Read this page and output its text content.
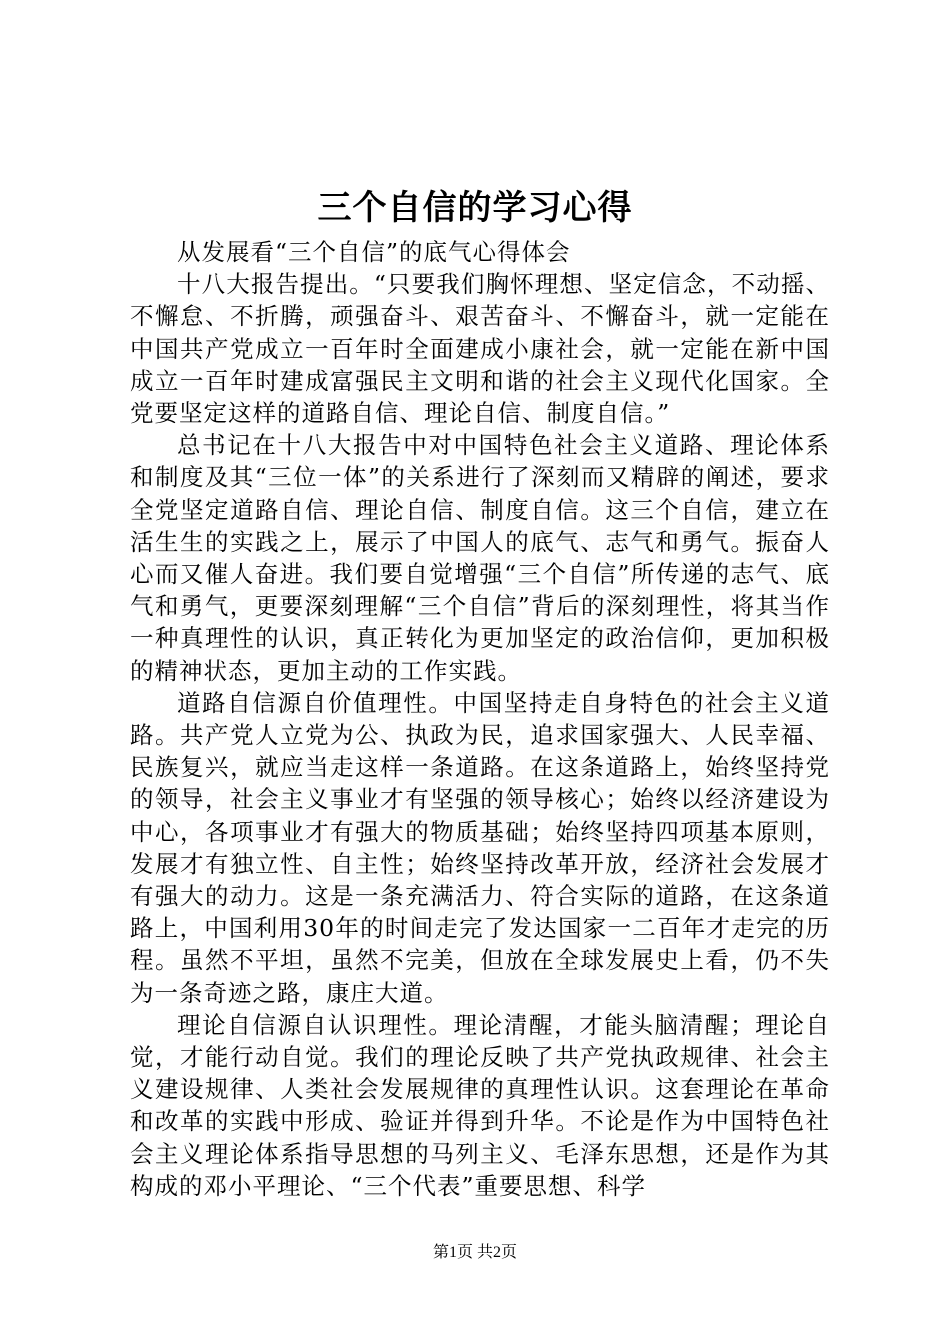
三个自信的学习心得

从发展看“三个自信”的底气心得体会

十八大报告提出。“只要我们胸怀理想、坚定信念，不动摇、不懈怠、不折腾，顽强奋斗、艰苦奋斗、不懈奋斗，就一定能在中国共产党成立一百年时全面建成小康社会，就一定能在新中国成立一百年时建成富强民主文明和谐的社会主义现代化国家。全党要坚定这样的道路自信、理论自信、制度自信。”

总书记在十八大报告中对中国特色社会主义道路、理论体系和制度及其“三位一体”的关系进行了深刻而又精辟的阐述，要求全党坚定道路自信、理论自信、制度自信。这三个自信，建立在活生生的实践之上，展示了中国人的底气、志气和勇气。振奋人心而又催人奋进。我们要自觉增强“三个自信”所传递的志气、底气和勇气，更要深刻理解“三个自信”背后的深刻理性，将其当作一种真理性的认识，真正转化为更加坚定的政治信仰，更加积极的精神状态，更加主动的工作实践。

道路自信源自价值理性。中国坚持走自身特色的社会主义道路。共产党人立党为公、执政为民，追求国家强大、人民幸福、民族复兴，就应当走这样一条道路。在这条道路上，始终坚持党的领导，社会主义事业才有坚强的领导核心；始终以经济建设为中心，各项事业才有强大的物质基础；始终坚持四项基本原则，发展才有独立性、自主性；始终坚持改革开放，经济社会发展才有强大的动力。这是一条充满活力、符合实际的道路，在这条道路上，中国利用30年的时间走完了发达国家一二百年才走完的历程。虽然不平坦，虽然不完美，但放在全球发展史上看，仍不失为一条奇迹之路，康庄大道。

理论自信源自认识理性。理论清醒，才能头脑清醒；理论自觉，才能行动自觉。我们的理论反映了共产党执政规律、社会主义建设规律、人类社会发展规律的真理性认识。这套理论在革命和改革的实践中形成、验证并得到升华。不论是作为中国特色社会主义理论体系指导思想的马列主义、毛泽东思想，还是作为其构成的邓小平理论、“三个代表”重要思想、科学

第1页 共2页
